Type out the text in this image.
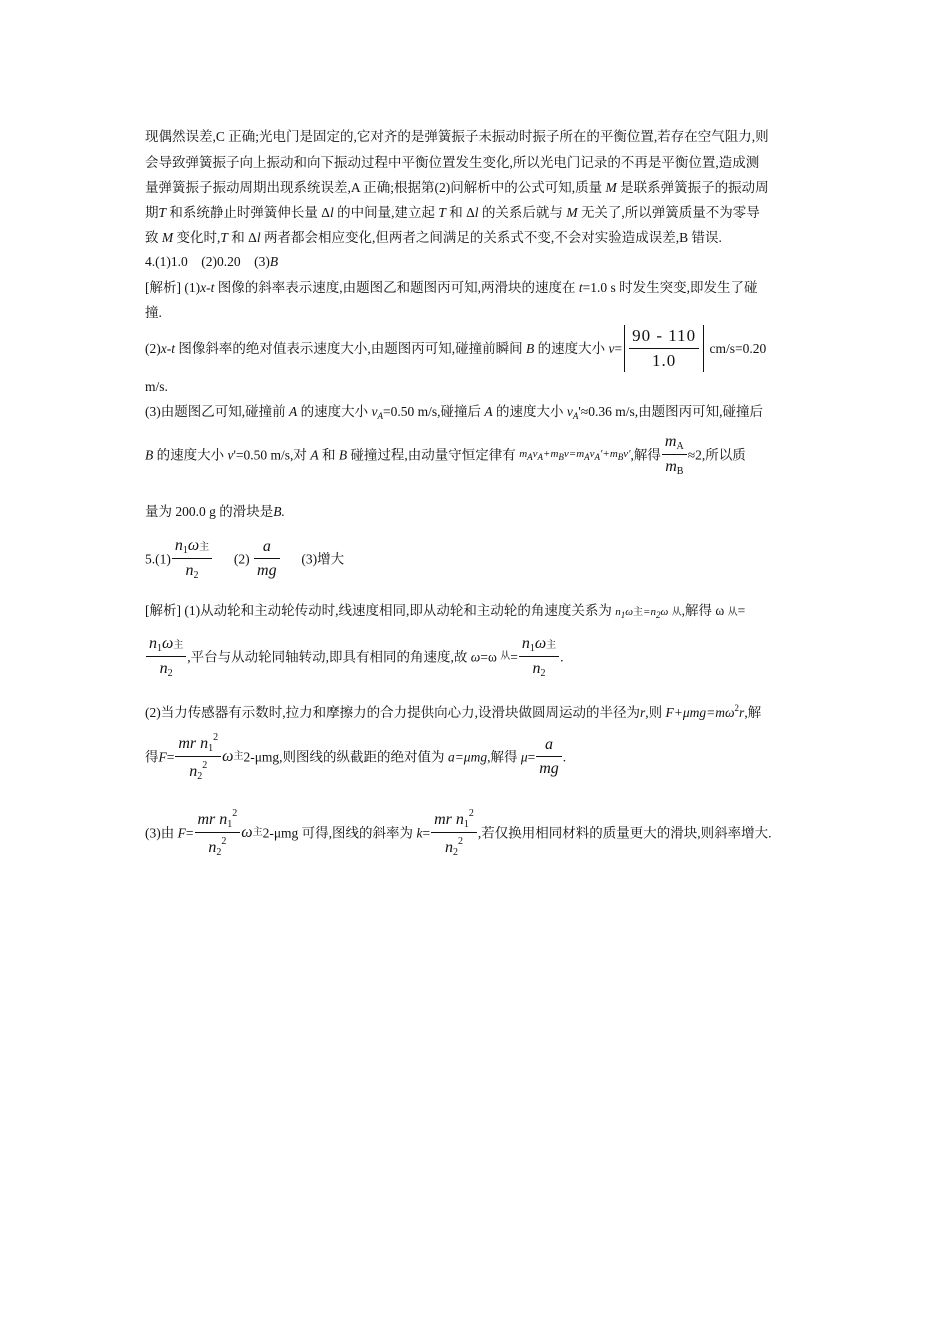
现偶然误差,C 正确;光电门是固定的,它对齐的是弹簧振子未振动时振子所在的平衡位置,若存在空气阻力,则
会导致弹簧振子向上振动和向下振动过程中平衡位置发生变化,所以光电门记录的不再是平衡位置,造成测
量弹簧振子振动周期出现系统误差,A 正确;根据第(2)问解析中的公式可知,质量 M 是联系弹簧振子的振动周
期T 和系统静止时弹簧伸长量 Δl 的中间量,建立起 T 和 Δl 的关系后就与 M 无关了,所以弹簧质量不为零导
致 M 变化时,T 和 Δl 两者都会相应变化,但两者之间满足的关系式不变,不会对实验造成误差,B 错误.
4.(1)1.0　(2)0.20　(3)B
[解析] (1)x-t 图像的斜率表示速度,由题图乙和题图丙可知,两滑块的速度在 t=1.0 s 时发生突变,即发生了碰
撞.
(2)x-t 图像斜率的绝对值表示速度大小,由题图丙可知,碰撞前瞬间 B 的速度大小 $v= \frac{90 - 110}{1.0} cm/s=0.20$
m/s.
(3)由题图乙可知,碰撞前 A 的速度大小 $v_A=0.50$ m/s,碰撞后 A 的速度大小 $v_A'\approx 0.36$ m/s,由题图丙可知,碰撞后
B 的速度大小 v'=0.50 m/s,对 A 和 B 碰撞过程,由动量守恒定律有 $m_Av_A+m_Bv=m_Av_A'+m_Bv'$,解得 $\frac{m_A}{m_B} \approx 2$,所以质
量为 200.0 g 的滑块是B.
$5.(1) \frac{n_1\omega 主}{n_2} (2) \frac{a}{mg} (3)$增大
[解析] (1)从动轮和主动轮传动时,线速度相同,即从动轮和主动轮的角速度关系为 $n_1\omega$主$=n_2\omega$ 从,解得 ω 从=
$\frac{n_1\omega 主}{n_2}$ ,平台与从动轮同轴转动,即具有相同的角速度,故 ω=ω 从= $\frac{n_1\omega 主}{n_2}$ .
(2)当力传感器有示数时,拉力和摩擦力的合力提供向心力,设滑块做圆周运动的半径为r,则 $F+\mu mg=m\omega^2r$,解
得$F= \frac{mr n_1^2}{n_2^2}$ ω主2-μmg,则图线的纵截距的绝对值为 a=μmg,解得 $\mu= \frac{a}{mg}$ .
(3)由 $F= \frac{mr n_1^2}{n_2^2}$ ω主2-μmg 可得,图线的斜率为 $k= \frac{mr n_1^2}{n_2^2}$ ,若仅换用相同材料的质量更大的滑块,则斜率增大.
